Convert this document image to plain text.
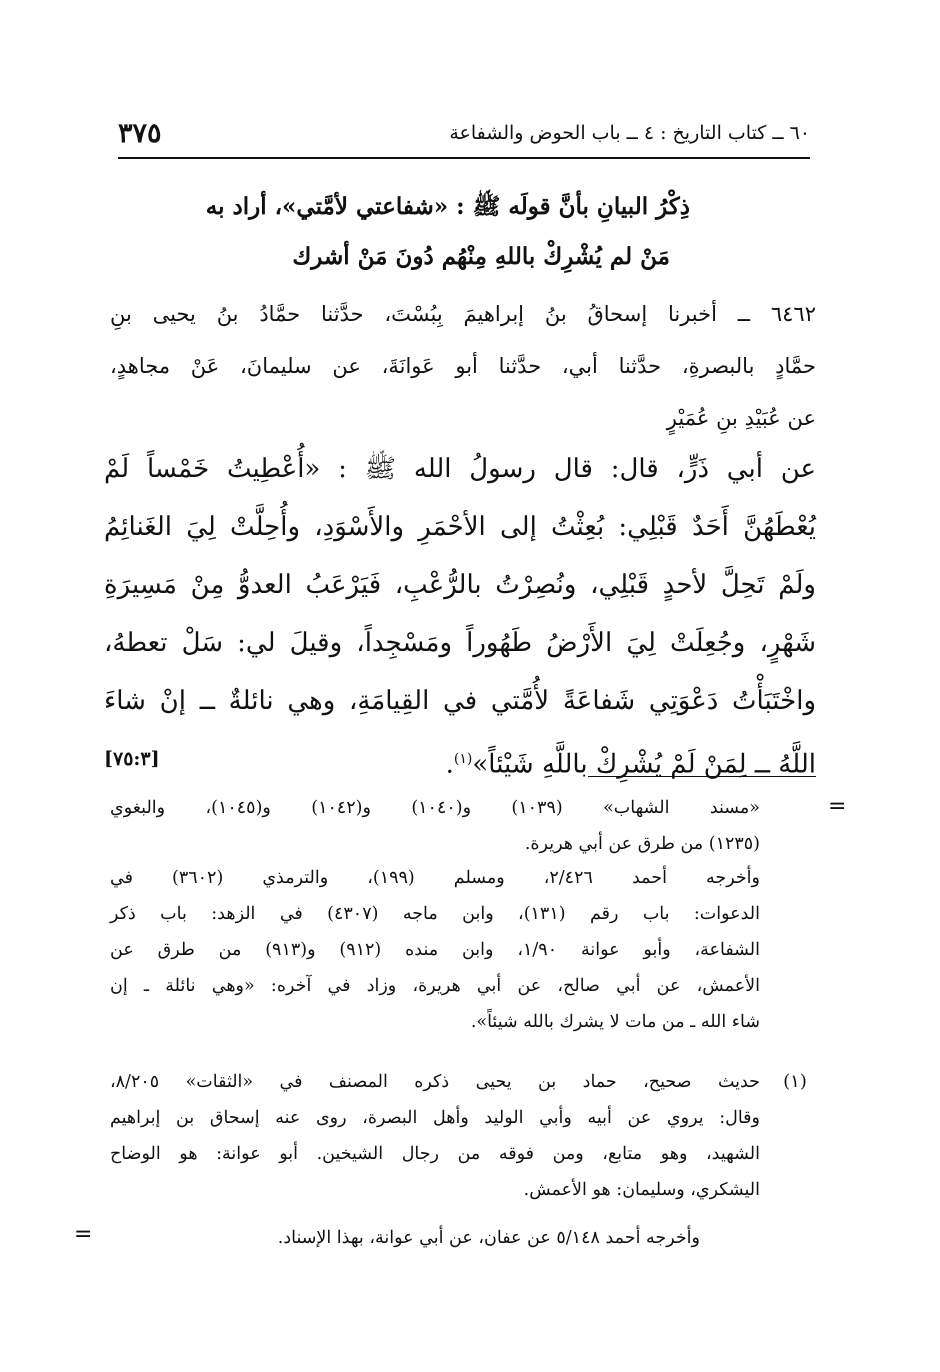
٣٧٥	٦٠ ــ كتاب التاريخ : ٤ ــ باب الحوض والشفاعة
ذِكْرُ البيانِ بأنَّ قولَه ﷺ : «شفاعتي لأمَّتي»، أراد به
مَنْ لم يُشْرِكْ باللهِ مِنْهُم دُونَ مَنْ أشرك
٦٤٦٢ ــ أخبرنا إسحاقُ بنُ إبراهيمَ بِبُسْتَ، حدَّثنا حمَّادُ بنُ يحيى بنِ
حمَّادٍ بالبصرةِ، حدَّثنا أبي، حدَّثنا أبو عَوانَةَ، عن سليمانَ، عَنْ مجاهدٍ،
عن عُبَيْدِ بنِ عُمَيْرٍ
عن أبي ذَرٍّ، قال: قال رسولُ الله ﷺ : «أُعْطِيتُ خَمْساً لَمْ
يُعْطَهُنَّ أَحَدٌ قَبْلِي: بُعِثْتُ إلى الأحْمَرِ والأَسْوَدِ، وأُحِلَّتْ لِيَ الغَنائِمُ
ولَمْ تَحِلَّ لأحدٍ قَبْلِي، ونُصِرْتُ بالرُّعْبِ، فَيَرْعَبُ العدوُّ مِنْ مَسِيرَةِ
شَهْرٍ، وجُعِلَتْ لِيَ الأَرْضُ طَهُوراً ومَسْجِداً، وقيلَ لي: سَلْ تعطهُ،
واخْتَبَأْتُ دَعْوَتِي شَفاعَةً لأُمَّتي في القِيامَةِ، وهي نائلةٌ ــ إنْ شاءَ
اللَّهُ ــ لِمَنْ لَمْ يُشْرِكْ باللَّهِ شَيْئاً»$^{(١)}$.
[٧٥:٣]
=
«مسند الشهاب» (١٠٣٩) و(١٠٤٠) و(١٠٤٢) و(١٠٤٥)، والبغوي
(١٢٣٥) من طرق عن أبي هريرة.
وأخرجه أحمد ٢/٤٢٦، ومسلم (١٩٩)، والترمذي (٣٦٠٢) في
الدعوات: باب رقم (١٣١)، وابن ماجه (٤٣٠٧) في الزهد: باب ذكر
الشفاعة، وأبو عوانة ١/٩٠، وابن منده (٩١٢) و(٩١٣) من طرق عن
الأعمش، عن أبي صالح، عن أبي هريرة، وزاد في آخره: «وهي نائلة ـ إن
شاء الله ـ من مات لا يشرك بالله شيئاً».
(١)
حديث صحيح، حماد بن يحيى ذكره المصنف في «الثقات» ٨/٢٠٥،
وقال: يروي عن أبيه وأبي الوليد وأهل البصرة، روى عنه إسحاق بن إبراهيم
الشهيد، وهو متابع، ومن فوقه من رجال الشيخين. أبو عوانة: هو الوضاح
اليشكري، وسليمان: هو الأعمش.
وأخرجه أحمد ٥/١٤٨ عن عفان، عن أبي عوانة، بهذا الإسناد.
=
